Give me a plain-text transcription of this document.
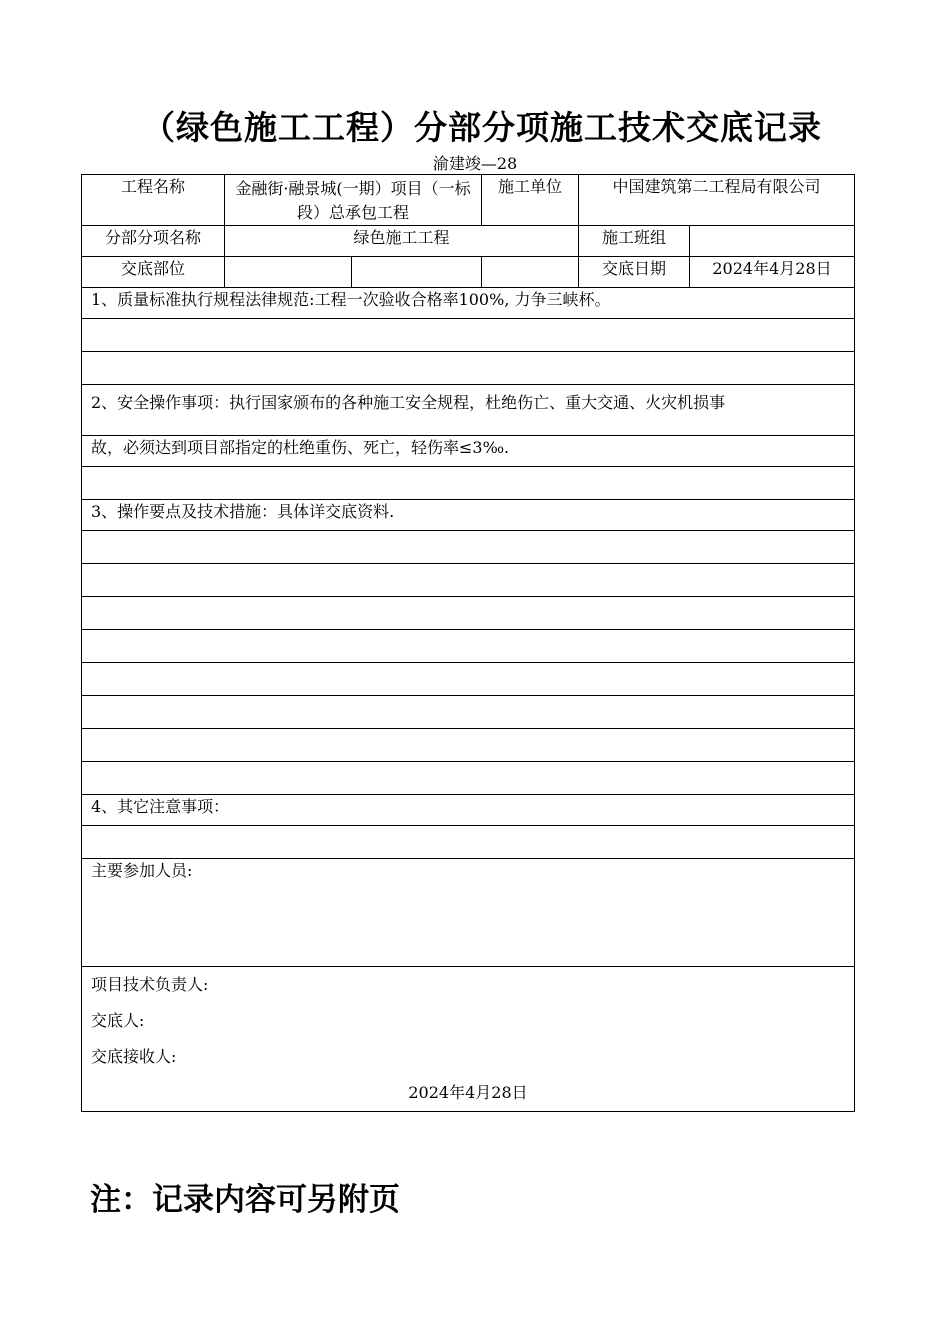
（绿色施工工程）分部分项施工技术交底记录
渝建竣—28
工程名称	金融街·融景城(一期）项目（一标段）总承包工程		施工单位	中国建筑第二工程局有限公司	
分部分项名称	绿色施工工程			施工班组	
交底部位				交底日期	2024年4月28日
1、质量标准执行规程法律规范:工程一次验收合格率100%, 力争三峡杯。					

2、安全操作事项：执行国家颁布的各种施工安全规程，杜绝伤亡、重大交通、火灾机损事					
故，必须达到项目部指定的杜绝重伤、死亡，轻伤率≤3‰.					

3、操作要点及技术措施：具体详交底资料.					

4、其它注意事项：					

主要参加人员:					

项目技术负责人:

交底人:

交底接收人:

2024年4月28日					

注：记录内容可另附页
